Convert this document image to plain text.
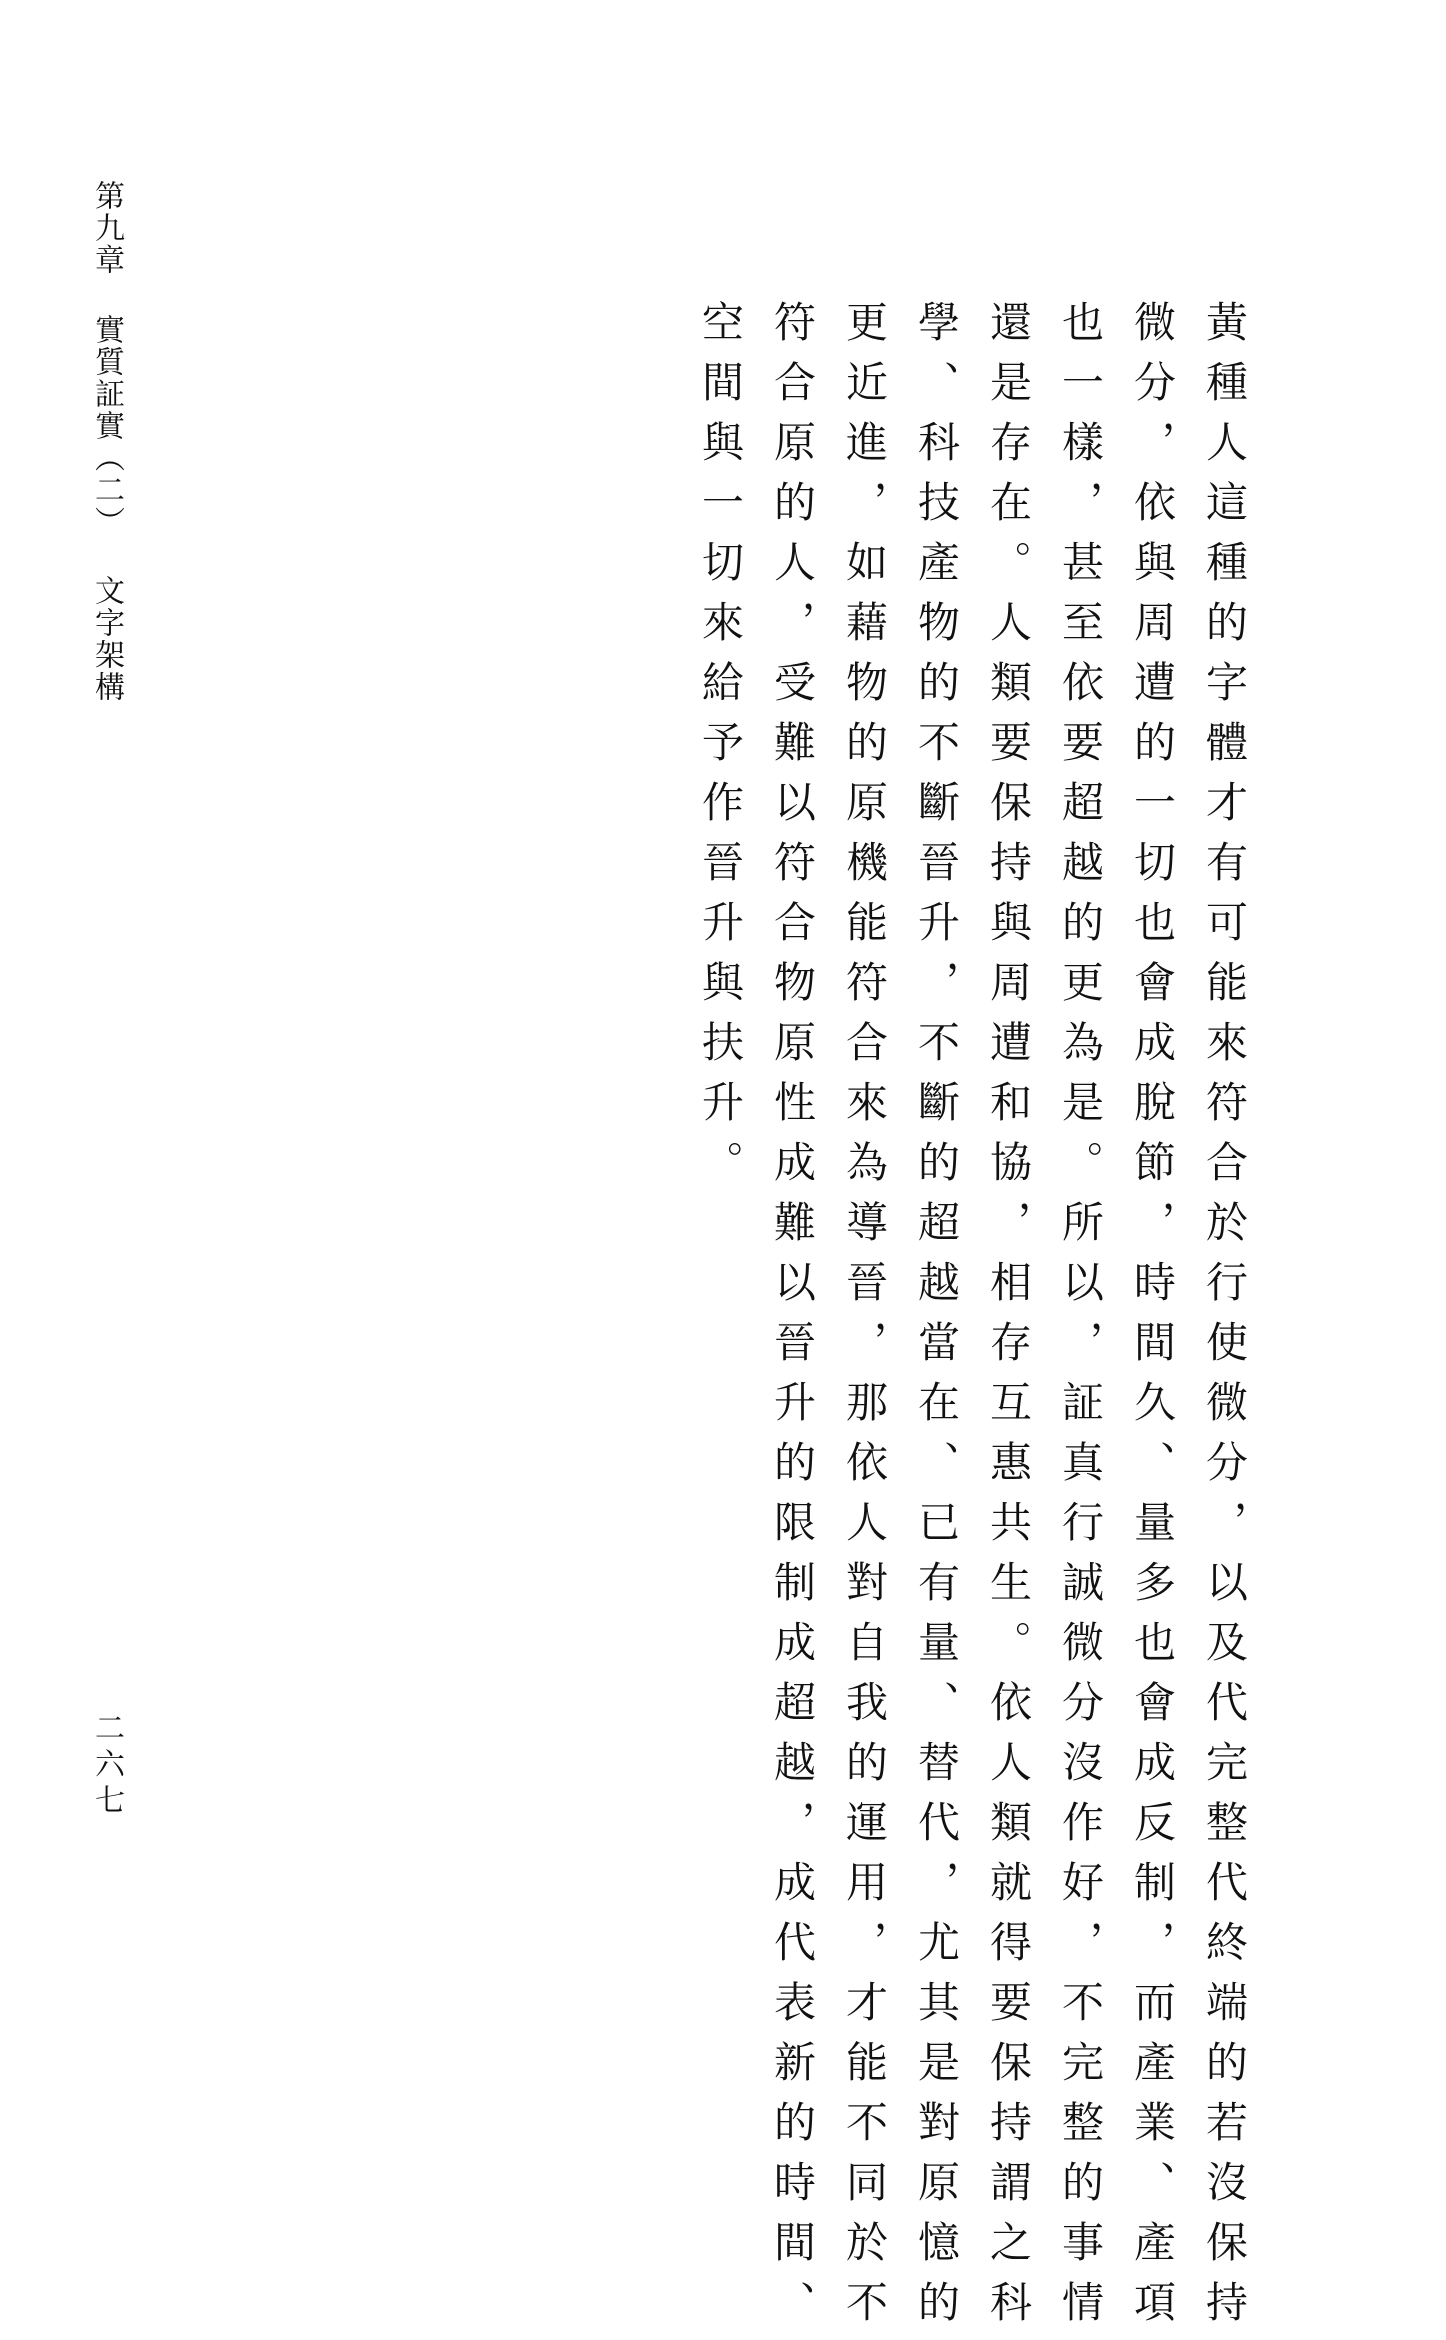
第九章 實質証實（二） 文字架構
二六七	黃種人這種的字體才有可能來符合於行使微分，以及代完整代終端的若沒保持
微分，依與周遭的一切也會成脫節，時間久、量多也會成反制，而產業、產項
也一樣，甚至依要超越的更為是。所以，証真行誠微分沒作好，不完整的事情
還是存在。人類要保持與周遭和協，相存互惠共生。依人類就得要保持謂之科
學、科技產物的不斷晉升，不斷的超越當在、已有量、替代，尤其是對原憶的
更近進，如藉物的原機能符合來為導晉，那依人對自我的運用，才能不同於不
符合原的人，受難以符合物原性成難以晉升的限制成超越，成代表新的時間、
空間與一切來給予作晉升與扶升。
